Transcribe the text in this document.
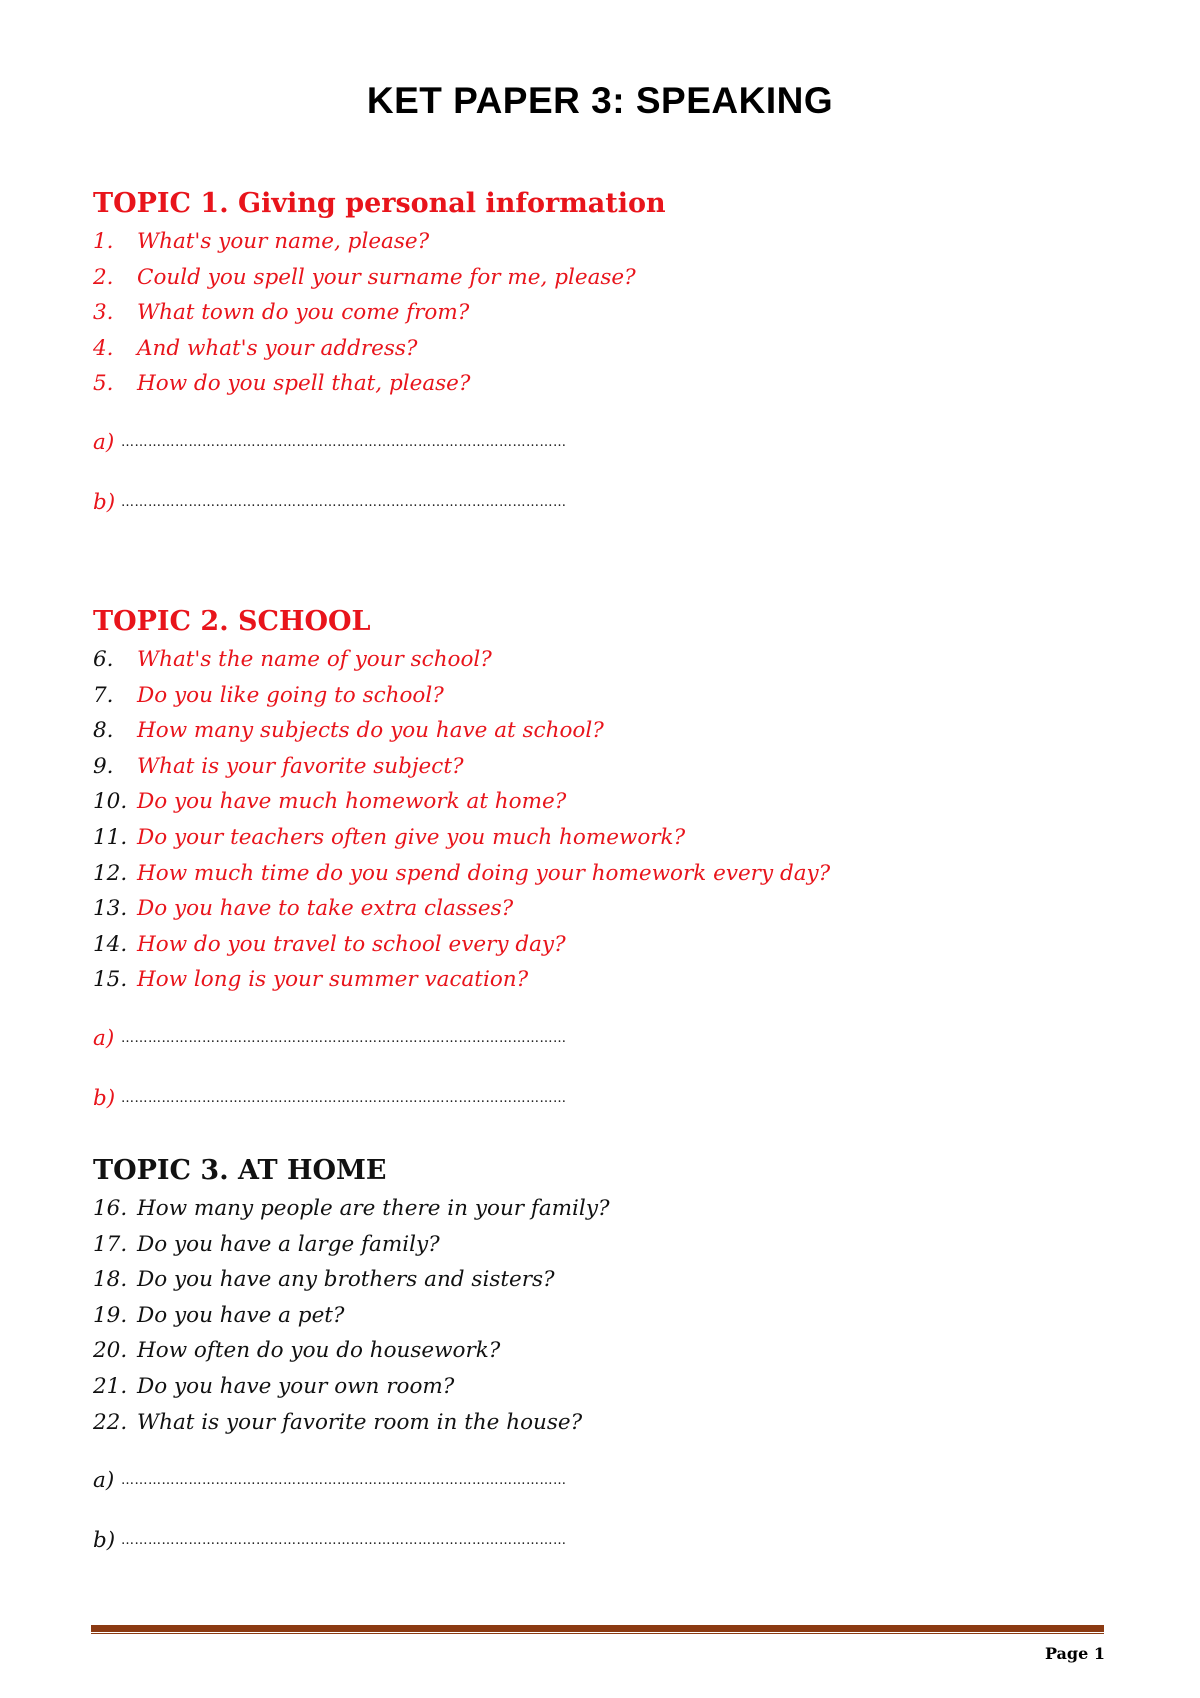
KET PAPER 3: SPEAKING
TOPIC 1. Giving personal information
1. What's your name, please?
2. Could you spell your surname for me, please?
3. What town do you come from?
4. And what's your address?
5. How do you spell that, please?
a) ………………………………………………………………………………………
b) ………………………………………………………………………………………
TOPIC 2. SCHOOL
6. What's the name of your school?
7. Do you like going to school?
8. How many subjects do you have at school?
9. What is your favorite subject?
10. Do you have much homework at home?
11. Do your teachers often give you much homework?
12. How much time do you spend doing your homework every day?
13. Do you have to take extra classes?
14. How do you travel to school every day?
15. How long is your summer vacation?
a) ………………………………………………………………………………………
b) ………………………………………………………………………………………
TOPIC 3. AT HOME
16. How many people are there in your family?
17. Do you have a large family?
18. Do you have any brothers and sisters?
19. Do you have a pet?
20. How often do you do housework?
21. Do you have your own room?
22. What is your favorite room in the house?
a) ………………………………………………………………………………………
b) ………………………………………………………………………………………
Page 1
